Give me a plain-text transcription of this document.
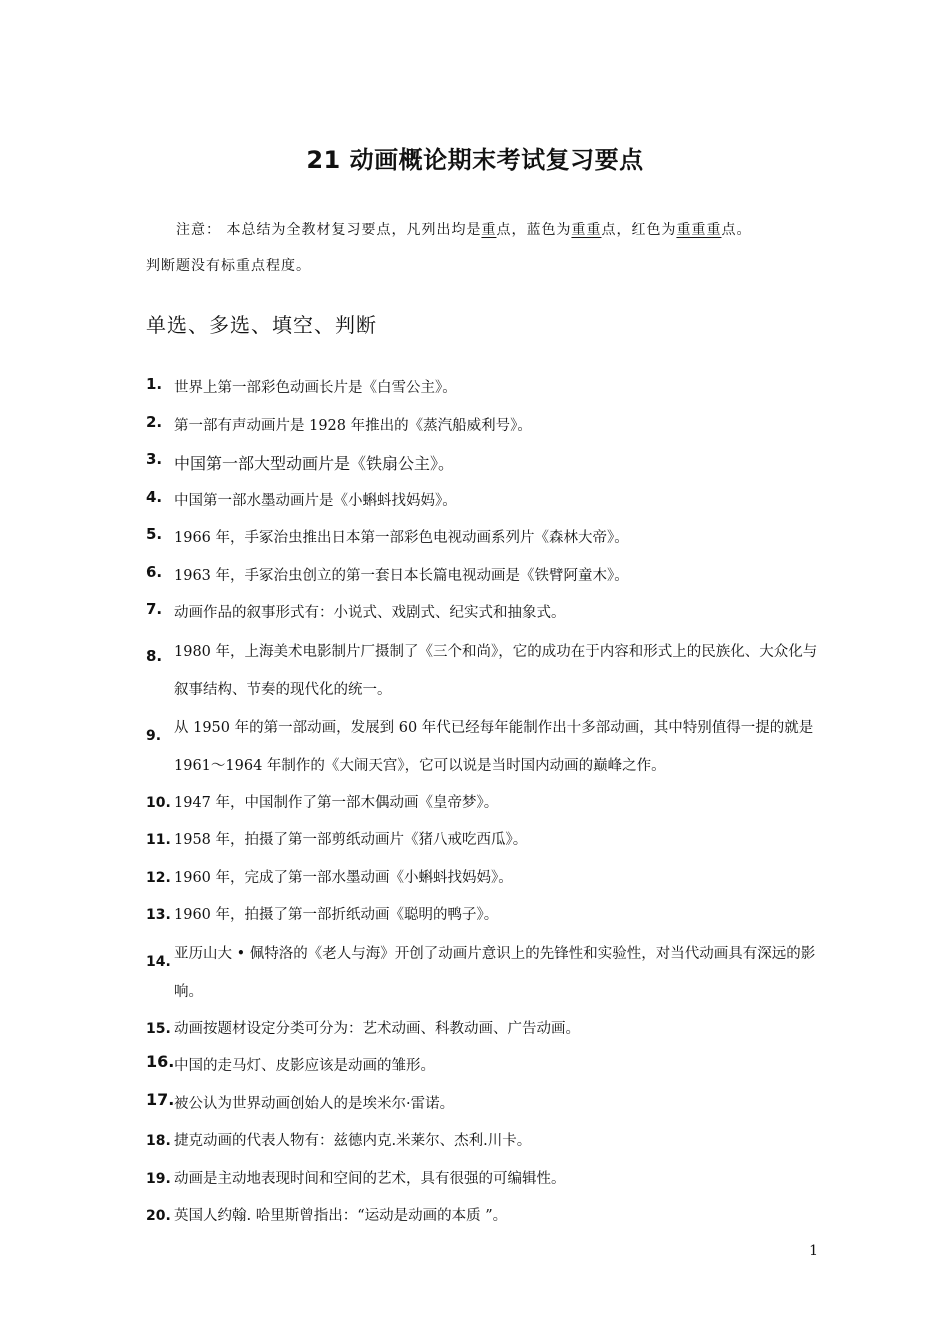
21 动画概论期末考试复习要点
注意： 本总结为全教材复习要点，凡列出均是重点，蓝色为重重点，红色为重重重点。
判断题没有标重点程度。
单选、多选、填空、判断
1. 世界上第一部彩色动画长片是《白雪公主》。
2. 第一部有声动画片是 1928 年推出的《蒸汽船威利号》。
3. 中国第一部大型动画片是《铁扇公主》。
4. 中国第一部水墨动画片是《小蝌蚪找妈妈》。
5. 1966 年，手冢治虫推出日本第一部彩色电视动画系列片《森林大帝》。
6. 1963 年，手冢治虫创立的第一套日本长篇电视动画是《铁臂阿童木》。
7. 动画作品的叙事形式有：小说式、戏剧式、纪实式和抽象式。
8. 1980 年，上海美术电影制片厂摄制了《三个和尚》，它的成功在于内容和形式上的民族化、大众化与叙事结构、节奏的现代化的统一。
9. 从 1950 年的第一部动画，发展到 60 年代已经每年能制作出十多部动画，其中特别值得一提的就是 1961～1964 年制作的《大闹天宫》，它可以说是当时国内动画的巅峰之作。
10. 1947 年，中国制作了第一部木偶动画《皇帝梦》。
11. 1958 年，拍摄了第一部剪纸动画片《猪八戒吃西瓜》。
12. 1960 年，完成了第一部水墨动画《小蝌蚪找妈妈》。
13. 1960 年，拍摄了第一部折纸动画《聪明的鸭子》。
14. 亚历山大 • 佩特洛的《老人与海》开创了动画片意识上的先锋性和实验性，对当代动画具有深远的影响。
15. 动画按题材设定分类可分为：艺术动画、科教动画、广告动画。
16. 中国的走马灯、皮影应该是动画的雏形。
17. 被公认为世界动画创始人的是埃米尔·雷诺。
18. 捷克动画的代表人物有：兹德内克.米莱尔、杰利.川卡。
19. 动画是主动地表现时间和空间的艺术，具有很强的可编辑性。
20. 英国人约翰. 哈里斯曾指出：“运动是动画的本质 ”。
1
